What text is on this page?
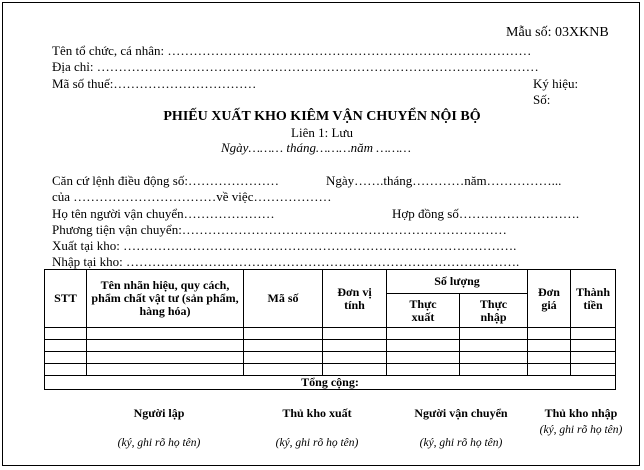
Mẫu số: 03XKNB
Tên tổ chức, cá nhân: …………………………………………………………………………
Địa chỉ: …………………………………………………………………………………………
Mã số thuế:……………………………	Ký hiệu:
Số:
PHIẾU XUẤT KHO KIÊM VẬN CHUYỂN NỘI BỘ
Liên 1: Lưu
Ngày……… tháng………năm ………
Căn cứ lệnh điều động số:…………………	Ngày…….tháng…………năm……………...
của ……………………………về việc………………
Họ tên người vận chuyển…………………	Hợp đồng số……………………….
Phương tiện vận chuyển:…………………………………………………………………
Xuất tại kho: ……………………………………………………………………………….
Nhập tại kho: ……………………………………………………………………………….
STT	Tên nhãn hiệu, quy cách, phẩm chất vật tư (sản phẩm, hàng hóa)	Mã số	Đơn vị tính	Số lượng		Đơn giá	Thành tiền
				Thực xuất	Thực nhập		

Tổng cộng:							
Người lập
(ký, ghi rõ họ tên)
Thủ kho xuất
(ký, ghi rõ họ tên)
Người vận chuyển
(ký, ghi rõ họ tên)
Thủ kho nhập
(ký, ghi rõ họ tên)
